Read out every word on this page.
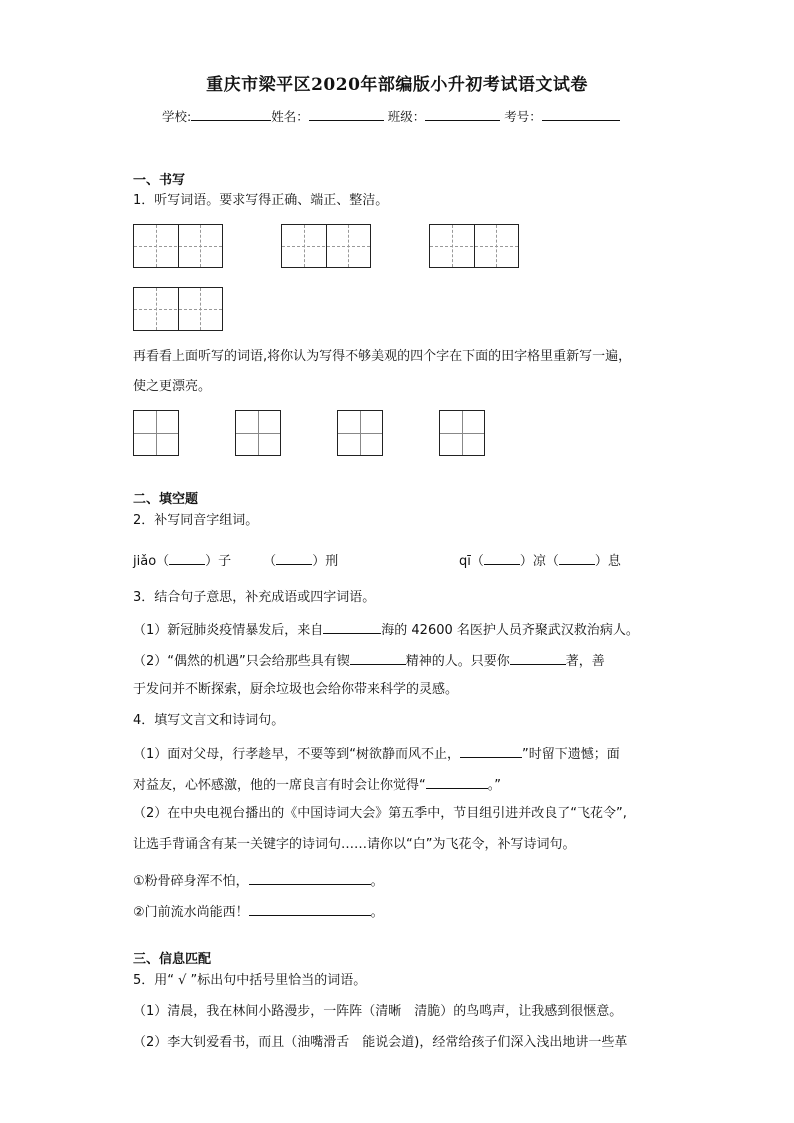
重庆市梁平区2020年部编版小升初考试语文试卷
学校:	姓名：	班级：	考号：
一、书写
1．听写词语。要求写得正确、端正、整洁。
再看看上面听写的词语,将你认为写得不够美观的四个字在下面的田字格里重新写一遍，
使之更漂亮。
二、填空题
2．补写同音字组词。
jiǎo（	）子 （	）刑	qī（	）凉（	）息
3．结合句子意思，补充成语或四字词语。
（1）新冠肺炎疫情暴发后，来自	海的 42600 名医护人员齐聚武汉救治病人。
（2）“偶然的机遇”只会给那些具有锲	精神的人。只要你	著，善
于发问并不断探索，厨余垃圾也会给你带来科学的灵感。
4．填写文言文和诗词句。
（1）面对父母，行孝趁早，不要等到“树欲静而风不止，	”时留下遗憾；面
对益友，心怀感激，他的一席良言有时会让你觉得“	。”
（2）在中央电视台播出的《中国诗词大会》第五季中，节目组引进并改良了“飞花令”,
让选手背诵含有某一关键字的诗词句……请你以“白”为飞花令，补写诗词句。
①粉骨碎身浑不怕，	。
②门前流水尚能西！	。
三、信息匹配
5．用“ √ ”标出句中括号里恰当的词语。
（1）清晨，我在林间小路漫步，一阵阵（清晰　清脆）的鸟鸣声，让我感到很惬意。
（2）李大钊爱看书，而且（油嘴滑舌　能说会道)，经常给孩子们深入浅出地讲一些革
